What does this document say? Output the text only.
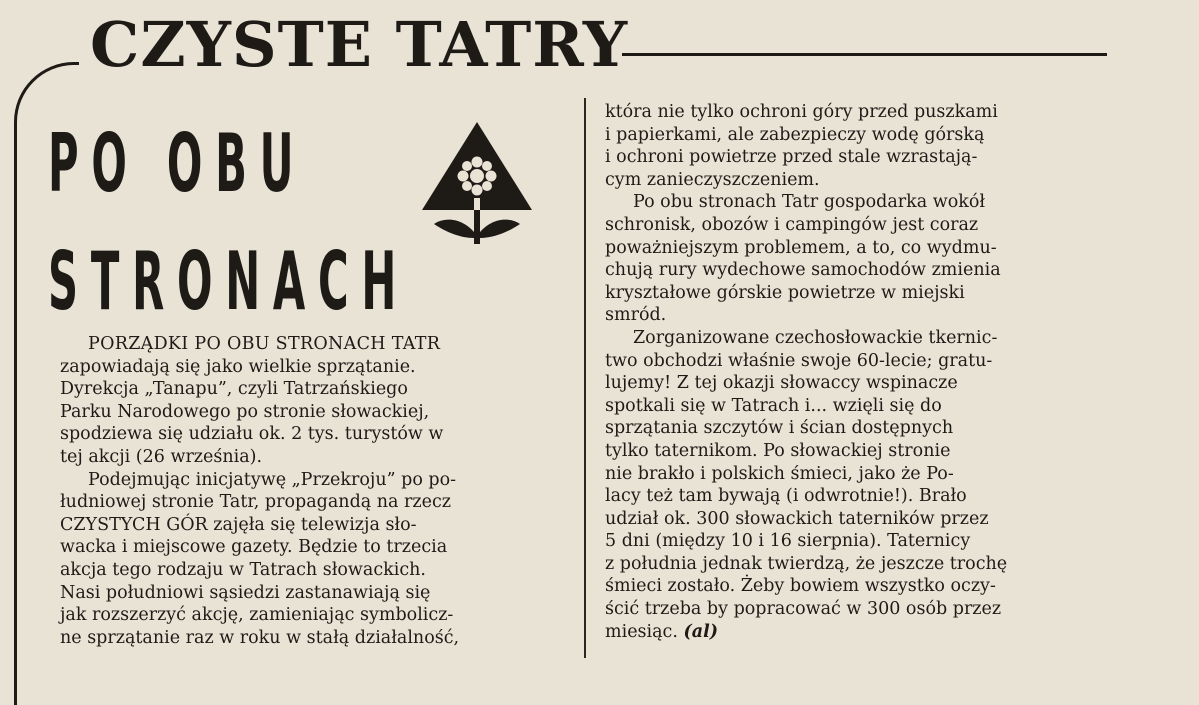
CZYSTE TATRY
PO OBU
STRONACH
PORZĄDKI PO OBU STRONACH TATR
zapowiadają się jako wielkie sprzątanie.
Dyrekcja „Tanapu”, czyli Tatrzańskiego
Parku Narodowego po stronie słowackiej,
spodziewa się udziału ok. 2 tys. turystów w
tej akcji (26 września).
Podejmując inicjatywę „Przekroju” po po-
łudniowej stronie Tatr, propagandą na rzecz
CZYSTYCH GÓR zajęła się telewizja sło-
wacka i miejscowe gazety. Będzie to trzecia
akcja tego rodzaju w Tatrach słowackich.
Nasi południowi sąsiedzi zastanawiają się
jak rozszerzyć akcję, zamieniając symbolicz-
ne sprzątanie raz w roku w stałą działalność,
która nie tylko ochroni góry przed puszkami
i papierkami, ale zabezpieczy wodę górską
i ochroni powietrze przed stale wzrastają-
cym zanieczyszczeniem.
Po obu stronach Tatr gospodarka wokół
schronisk, obozów i campingów jest coraz
poważniejszym problemem, a to, co wydmu-
chują rury wydechowe samochodów zmienia
kryształowe górskie powietrze w miejski
smród.
Zorganizowane czechosłowackie tkernic-
two obchodzi właśnie swoje 60-lecie; gratu-
lujemy! Z tej okazji słowaccy wspinacze
spotkali się w Tatrach i... wzięli się do
sprzątania szczytów i ścian dostępnych
tylko taternikom. Po słowackiej stronie
nie brakło i polskich śmieci, jako że Po-
lacy też tam bywają (i odwrotnie!). Brało
udział ok. 300 słowackich taterników przez
5 dni (między 10 i 16 sierpnia). Taternicy
z południa jednak twierdzą, że jeszcze trochę
śmieci zostało. Żeby bowiem wszystko oczy-
ścić trzeba by popracować w 300 osób przez
miesiąc. (al)
